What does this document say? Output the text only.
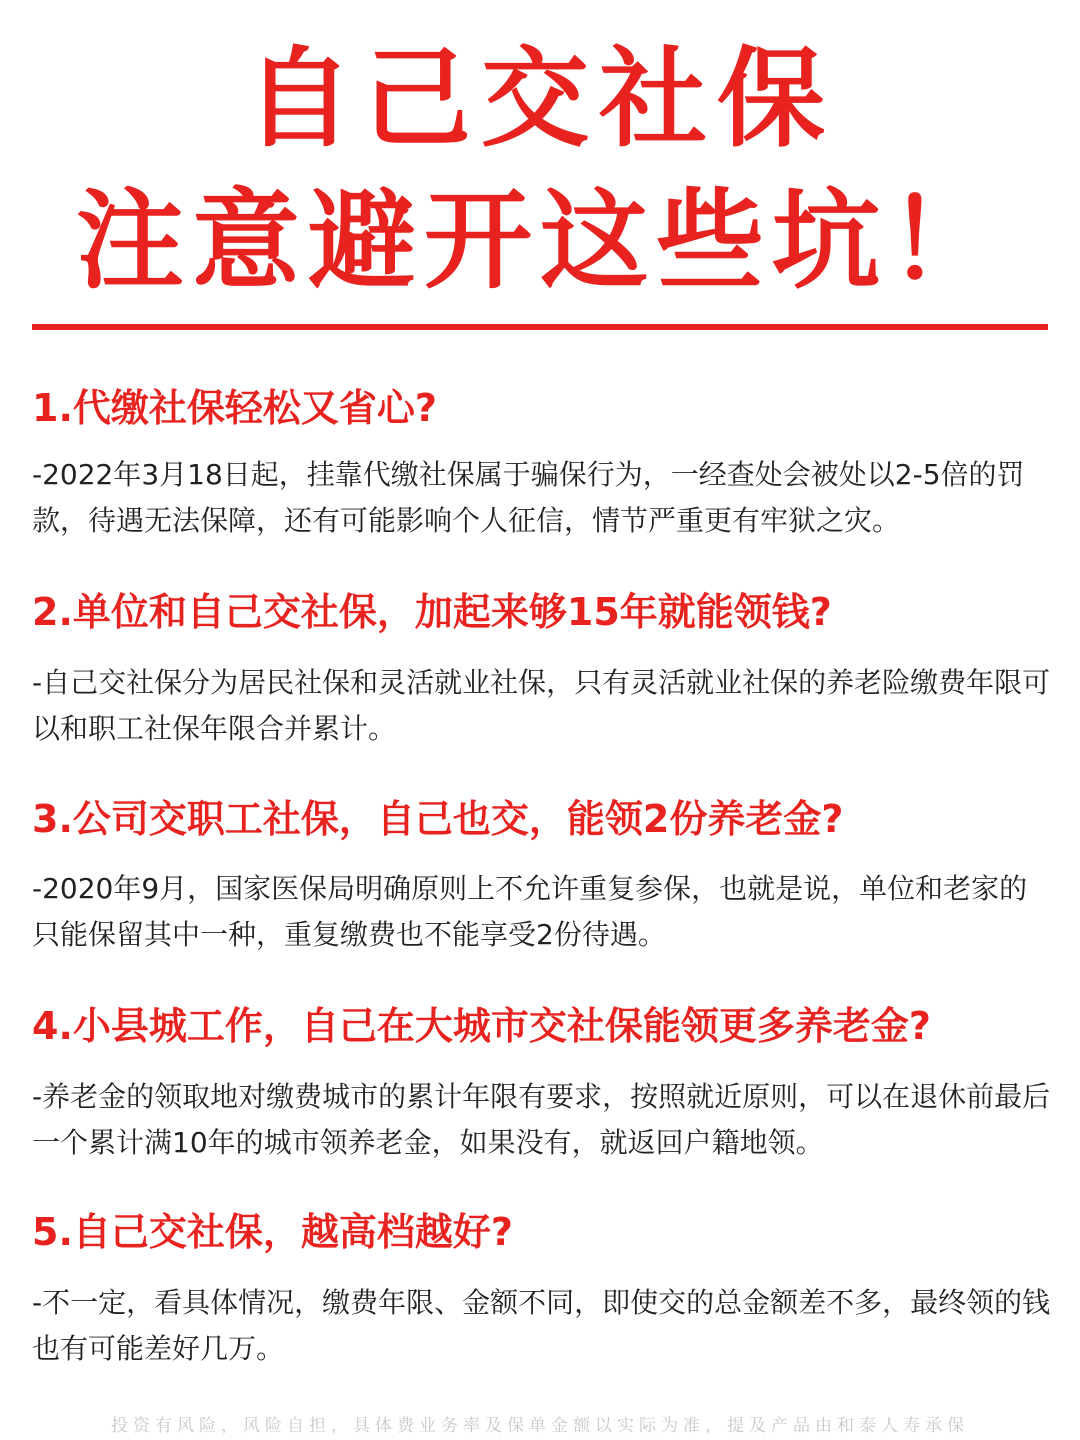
自己交社保
注意避开这些坑！
1.代缴社保轻松又省心?
-2022年3月18日起，挂靠代缴社保属于骗保行为，一经查处会被处以2-5倍的罚款，待遇无法保障，还有可能影响个人征信，情节严重更有牢狱之灾。
2.单位和自己交社保，加起来够15年就能领钱?
-自己交社保分为居民社保和灵活就业社保，只有灵活就业社保的养老险缴费年限可以和职工社保年限合并累计。
3.公司交职工社保，自己也交，能领2份养老金?
-2020年9月，国家医保局明确原则上不允许重复参保，也就是说，单位和老家的只能保留其中一种，重复缴费也不能享受2份待遇。
4.小县城工作，自己在大城市交社保能领更多养老金?
-养老金的领取地对缴费城市的累计年限有要求，按照就近原则，可以在退休前最后一个累计满10年的城市领养老金，如果没有，就返回户籍地领。
5.自己交社保，越高档越好?
-不一定，看具体情况，缴费年限、金额不同，即使交的总金额差不多，最终领的钱也有可能差好几万。
投资有风险，风险自担，具体费业务率及保单金额以实际为准，提及产品由和泰人寿承保
